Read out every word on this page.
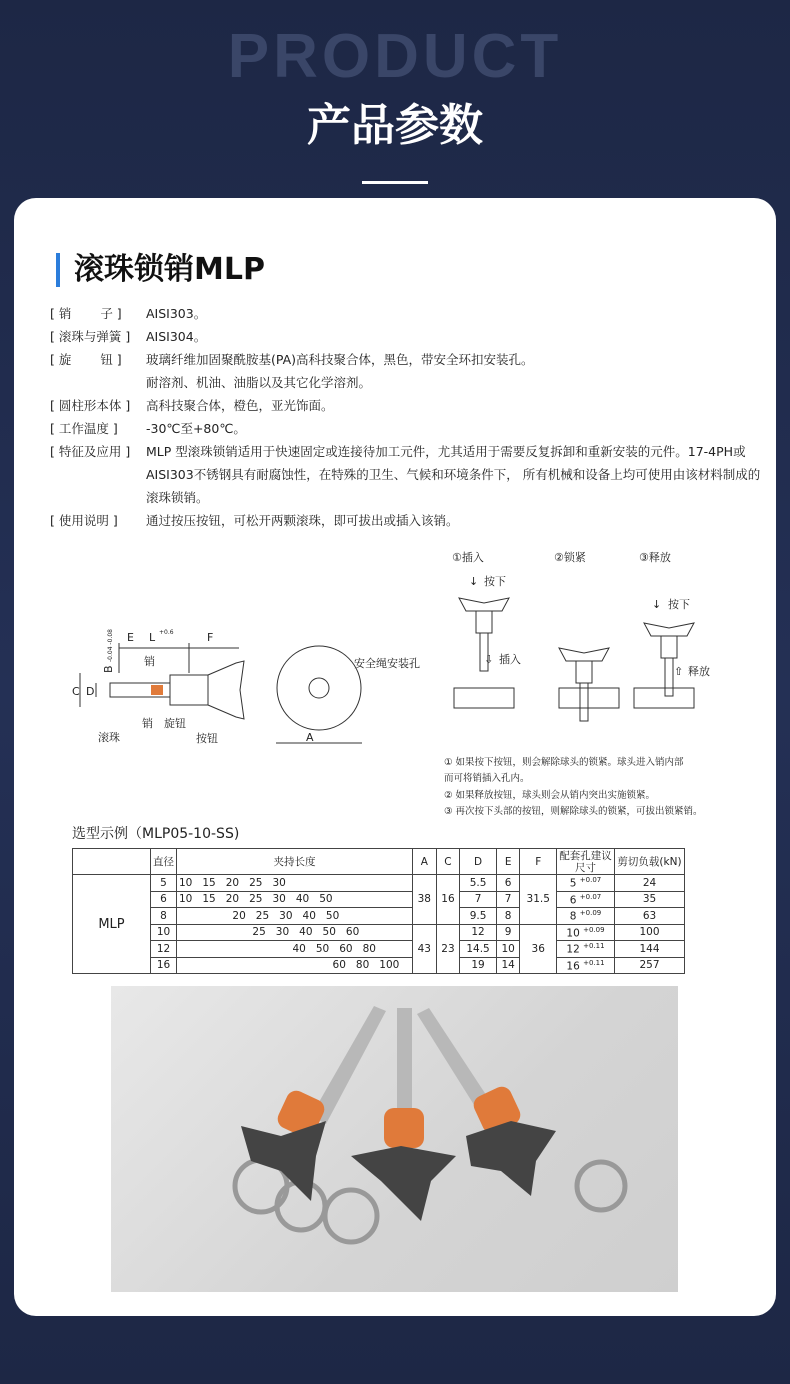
PRODUCT
产品参数
滚珠锁销MLP
[ 销　　 子 ]	AISI303。
[ 滚珠与弹簧 ]	AISI304。
[ 旋　　 钮 ]	玻璃纤维加固聚酰胺基(PA)高科技聚合体，黑色，带安全环扣安装孔。
耐溶剂、机油、油脂以及其它化学溶剂。
[ 圆柱形本体 ]	高科技聚合体，橙色，亚光饰面。
[ 工作温度 ]	-30℃至+80℃。
[ 特征及应用 ]	MLP 型滚珠锁销适用于快速固定或连接待加工元件，尤其适用于需要反复拆卸和重新安装的元件。17-4PH或AISI303不锈钢具有耐腐蚀性，在特殊的卫生、气候和环境条件下， 所有机械和设备上均可使用由该材料制成的滚珠锁销。
[ 使用说明 ]	通过按压按钮，可松开两颗滚珠，即可拔出或插入该销。
E L +0.6	F
B
-0.04 -0.08
C D
销
销
滚珠
旋钮
按钮
安全绳安装孔
A
①插入	②锁紧	③释放
↓ 按下
⇩ 插入
↓ 按下
⇧ 释放
① 如果按下按钮，则会解除球头的锁紧。球头进入销内部
而可将销插入孔内。
② 如果释放按钮，球头则会从销内突出实施锁紧。
③ 再次按下头部的按钮，则解除球头的锁紧，可拔出锁紧销。
选型示例（MLP05-10-SS)
	直径	夹持长度	A	C	D	E	F	配套孔建议尺寸	剪切负载(kN)
MLP	5	10   15   20   25   30	38	16	5.5	6	31.5	5 $^{+0.07}$	24
	6	10   15   20   25   30   40   50			7	7		6 $^{+0.07}$	35
	8	20   25   30   40   50			9.5	8		8 $^{+0.09}$	63
	10	25   30   40   50   60	43	23	12	9	36	10 $^{+0.09}$	100
	12	40   50   60   80			14.5	10		12 $^{+0.11}$	144
	16	60   80   100			19	14		16 $^{+0.11}$	257
